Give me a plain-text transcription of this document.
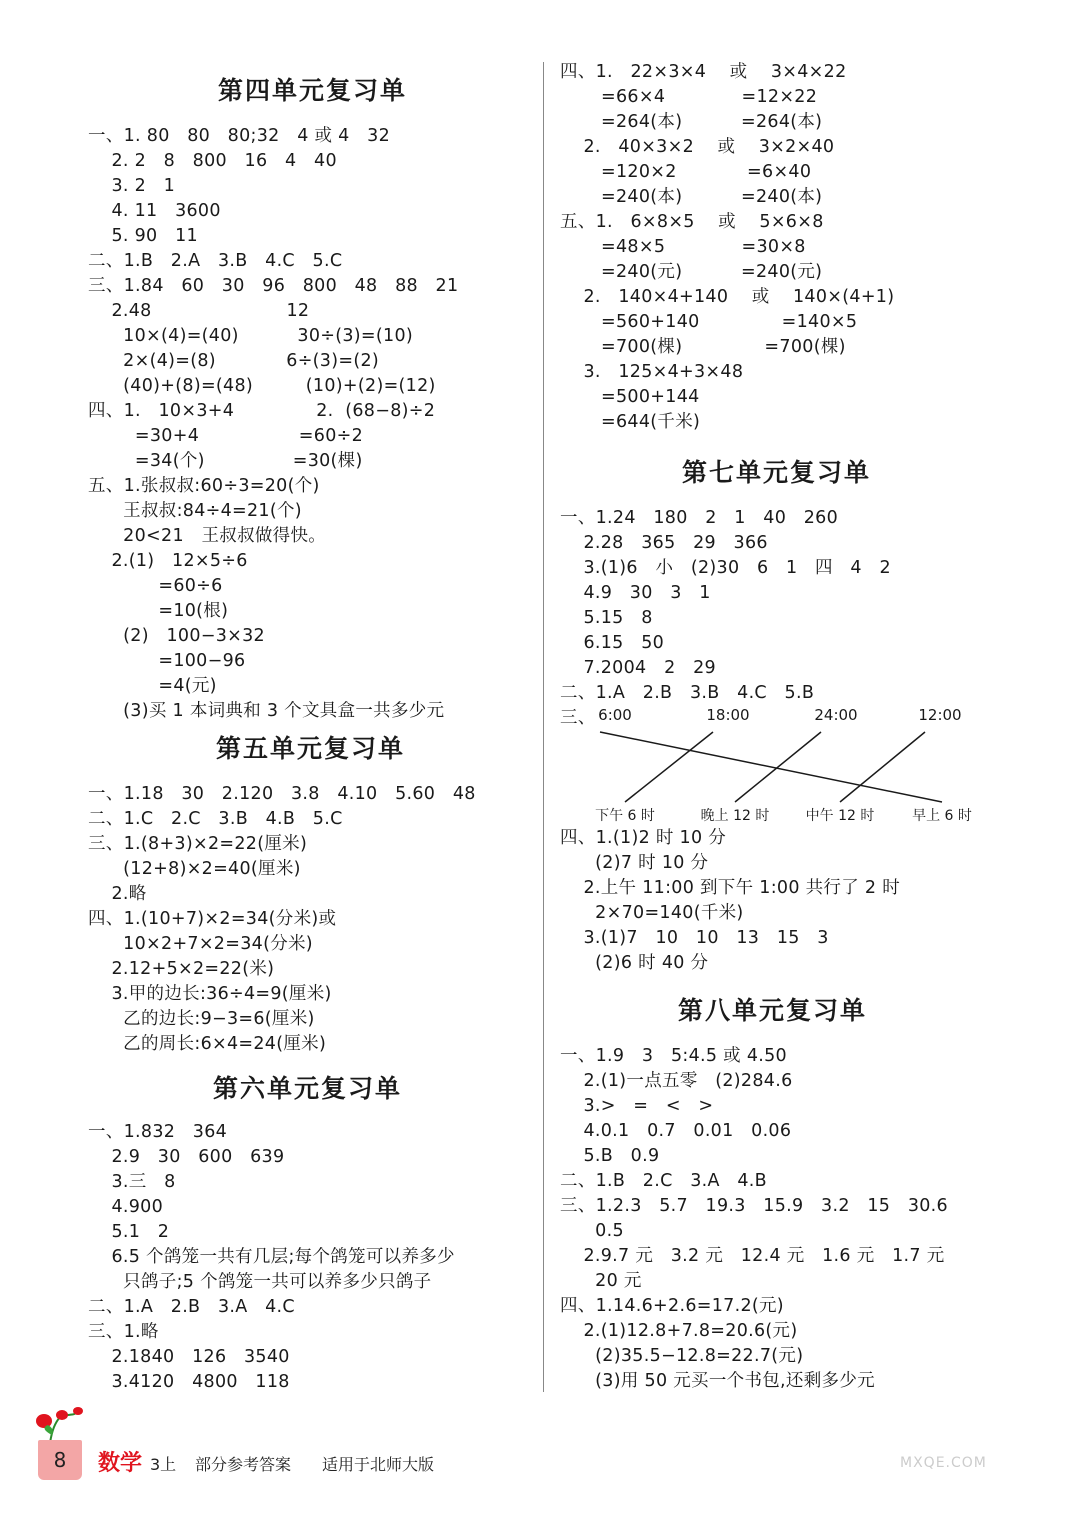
第四单元复习单
一、1. 80   80   80;32   4 或 4   32
2. 2   8   800   16   4   40
3. 2   1
4. 11   3600
5. 90   11
二、1.B   2.A   3.B   4.C   5.C
三、1.84   60   30   96   800   48   88   21
2.48                       12
10×(4)=(40)          30÷(3)=(10)
2×(4)=(8)            6÷(3)=(2)
(40)+(8)=(48)         (10)+(2)=(12)
四、1.   10×3+4              2.  (68−8)÷2
=30+4                 =60÷2
=34(个)               =30(棵)
五、1.张叔叔:60÷3=20(个)
王叔叔:84÷4=21(个)
20<21   王叔叔做得快。
2.(1)   12×5÷6
=60÷6
=10(根)
(2)   100−3×32
=100−96
=4(元)
(3)买 1 本词典和 3 个文具盒一共多少元
第五单元复习单
一、1.18   30   2.120   3.8   4.10   5.60   48
二、1.C   2.C   3.B   4.B   5.C
三、1.(8+3)×2=22(厘米)
(12+8)×2=40(厘米)
2.略
四、1.(10+7)×2=34(分米)或
10×2+7×2=34(分米)
2.12+5×2=22(米)
3.甲的边长:36÷4=9(厘米)
乙的边长:9−3=6(厘米)
乙的周长:6×4=24(厘米)
第六单元复习单
一、1.832   364
2.9   30   600   639
3.三   8
4.900
5.1   2
6.5 个鸽笼一共有几层;每个鸽笼可以养多少
只鸽子;5 个鸽笼一共可以养多少只鸽子
二、1.A   2.B   3.A   4.C
三、1.略
2.1840   126   3540
3.4120   4800   118
四、1.   22×3×4    或    3×4×22
=66×4             =12×22
=264(本)          =264(本)
2.   40×3×2    或    3×2×40
=120×2            =6×40
=240(本)          =240(本)
五、1.   6×8×5    或    5×6×8
=48×5             =30×8
=240(元)          =240(元)
2.   140×4+140    或    140×(4+1)
=560+140              =140×5
=700(棵)              =700(棵)
3.   125×4+3×48
=500+144
=644(千米)
第七单元复习单
一、1.24   180   2   1   40   260
2.28   365   29   366
3.(1)6   小   (2)30   6   1   四   4   2
4.9   30   3   1
5.15   8
6.15   50
7.2004   2   29
二、1.A   2.B   3.B   4.C   5.B
三、 6:00	18:00	24:00	12:00
下午 6 时	晚上 12 时	中午 12 时	早上 6 时
四、1.(1)2 时 10 分
(2)7 时 10 分
2.上午 11:00 到下午 1:00 共行了 2 时
2×70=140(千米)
3.(1)7   10   10   13   15   3
(2)6 时 40 分
第八单元复习单
一、1.9   3   5:4.5 或 4.50
2.(1)一点五零   (2)284.6
3.>   =   <   >
4.0.1   0.7   0.01   0.06
5.B   0.9
二、1.B   2.C   3.A   4.B
三、1.2.3   5.7   19.3   15.9   3.2   15   30.6
0.5
2.9.7 元   3.2 元   12.4 元   1.6 元   1.7 元
20 元
四、1.14.6+2.6=17.2(元)
2.(1)12.8+7.8=20.6(元)
(2)35.5−12.8=22.7(元)
(3)用 50 元买一个书包,还剩多少元
8	数学 3上 部分参考答案 适用于北师大版	MXQE.COM
